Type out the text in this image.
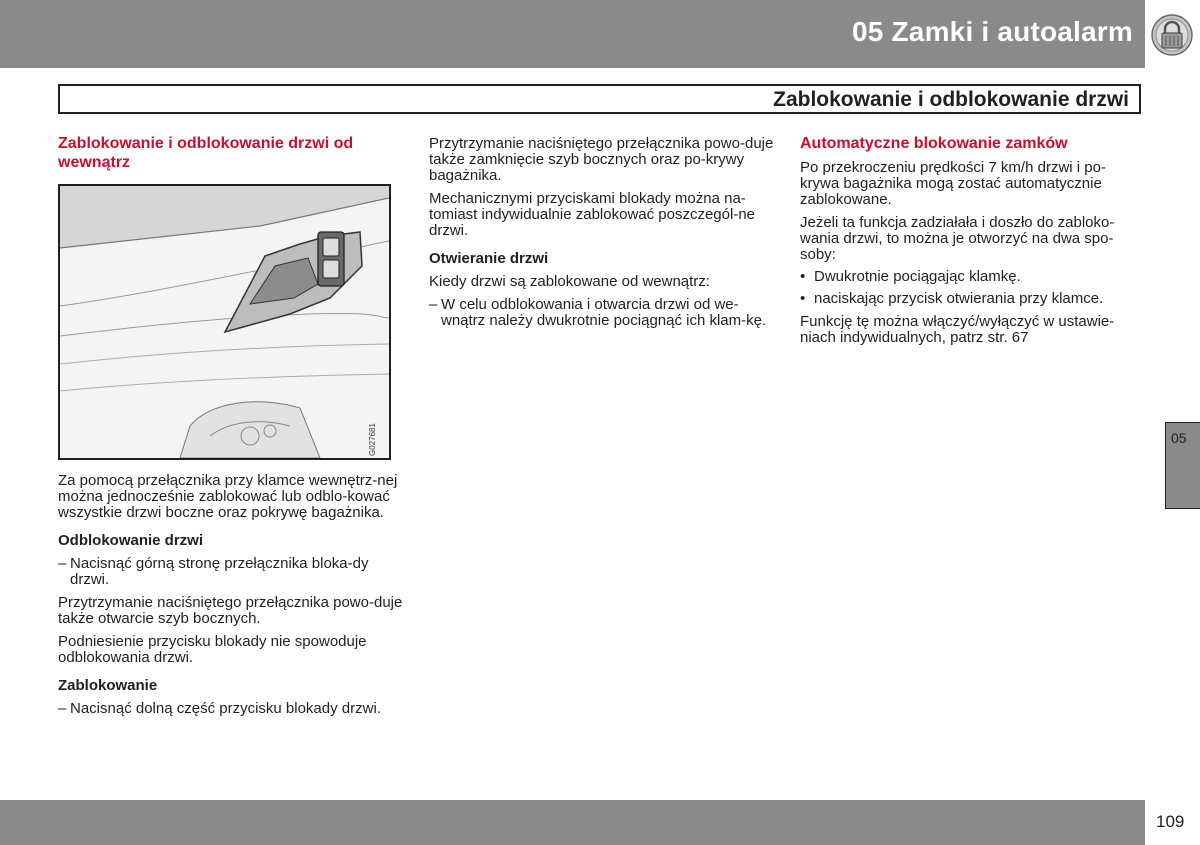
05 Zamki i autoalarm
Zablokowanie i odblokowanie drzwi
Zablokowanie i odblokowanie drzwi od wewnątrz
G027681

Za pomocą przełącznika przy klamce wewnętrz-nej można jednocześnie zablokować lub odblo-kować wszystkie drzwi boczne oraz pokrywę bagażnika.

Odblokowanie drzwi
– Nacisnąć górną stronę przełącznika bloka-dy drzwi.

Przytrzymanie naciśniętego przełącznika powo-duje także otwarcie szyb bocznych.

Podniesienie przycisku blokady nie spowoduje odblokowania drzwi.

Zablokowanie
– Nacisnąć dolną część przycisku blokady drzwi.

Przytrzymanie naciśniętego przełącznika powo-duje także zamknięcie szyb bocznych oraz po-krywy bagażnika.

Mechanicznymi przyciskami blokady można na-tomiast indywidualnie zablokować poszczegól-ne drzwi.

Otwieranie drzwi

Kiedy drzwi są zablokowane od wewnątrz:

– W celu odblokowania i otwarcia drzwi od we-wnątrz należy dwukrotnie pociągnąć ich klam-kę.
Automatyczne blokowanie zamków

Po przekroczeniu prędkości 7 km/h drzwi i po-krywa bagażnika mogą zostać automatycznie zablokowane.

Jeżeli ta funkcja zadziałała i doszło do zabloko-wania drzwi, to można je otworzyć na dwa spo-soby:

• Dwukrotnie pociągając klamkę.
• naciskając przycisk otwierania przy klamce.

Funkcję tę można włączyć/wyłączyć w ustawie-niach indywidualnych, patrz str. 67

05
109
